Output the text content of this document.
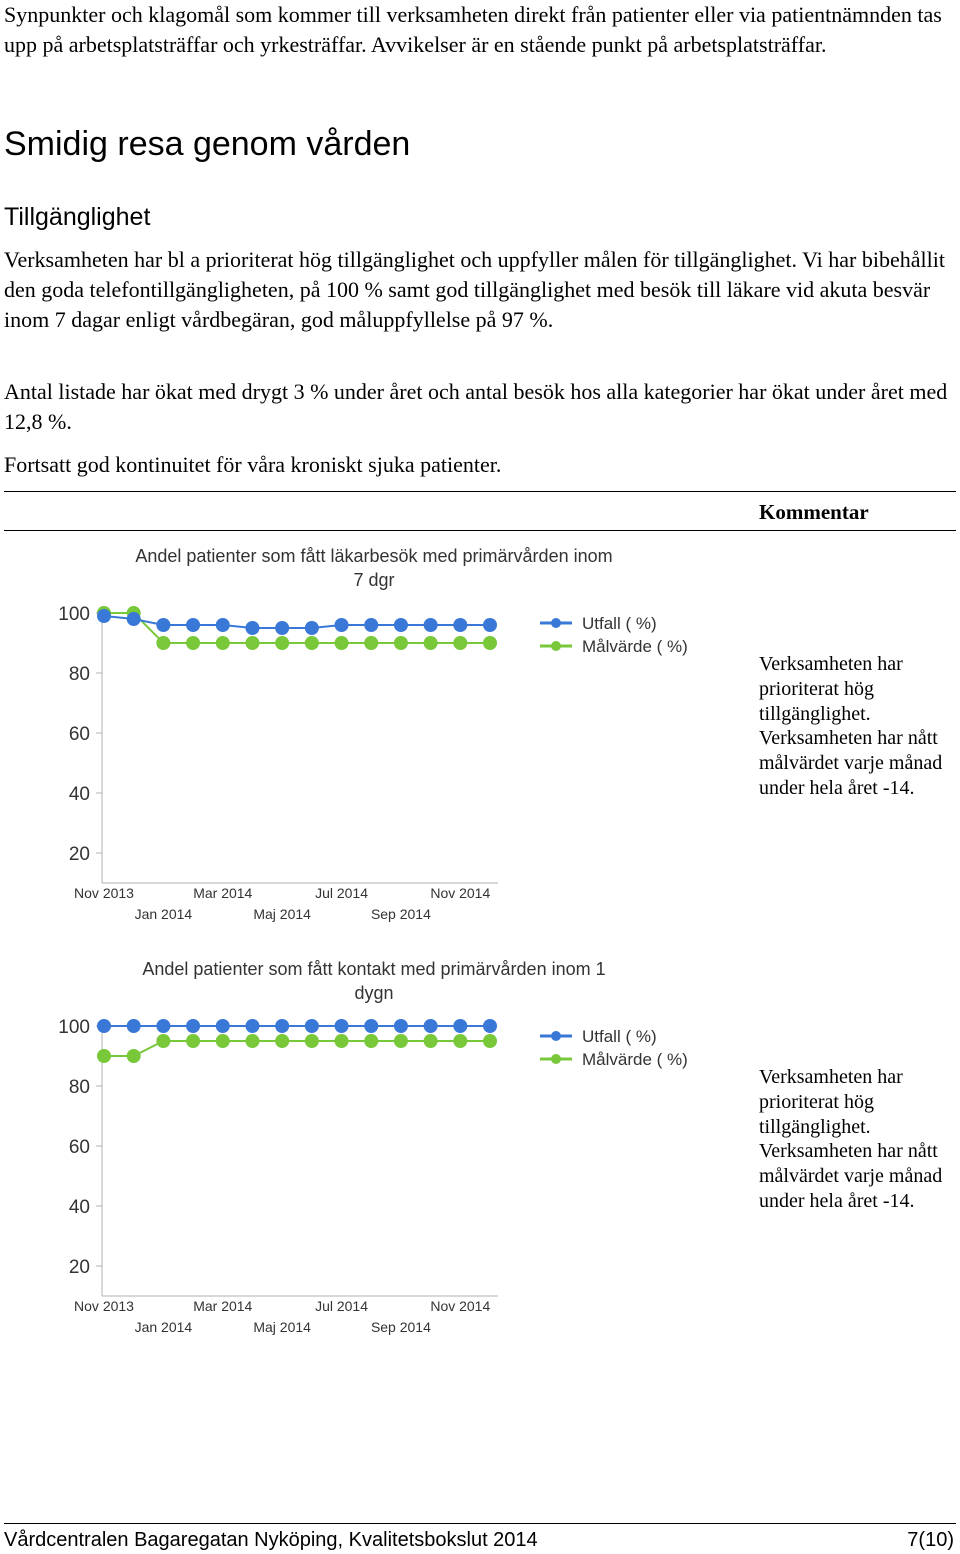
Synpunkter och klagomål som kommer till verksamheten direkt från patienter eller via patientnämnden tas upp på arbetsplatsträffar och yrkesträffar. Avvikelser är en stående punkt på arbetsplatsträffar.

Smidig resa genom vården
Tillgänglighet

Verksamheten har bl a prioriterat hög tillgänglighet och uppfyller målen för tillgänglighet. Vi har bibehållit den goda telefontillgängligheten, på 100 % samt god tillgänglighet med besök till läkare vid akuta besvär inom 7 dagar enligt vårdbegäran, god måluppfyllelse på 97 %.

Antal listade har ökat med drygt 3 % under året och antal besök hos alla kategorier har ökat under året med 12,8 %.

Fortsatt god kontinuitet för våra kroniskt sjuka patienter.

Kommentar
Andel patienter som fått läkarbesök med primärvården inom
7 dgr
20
40
60
80
100
Nov 2013	Mar 2014	Jul 2014	Nov 2014
Jan 2014	Maj 2014	Sep 2014
Utfall ( %)
Målvärde ( %)

Verksamheten har prioriterat hög tillgänglighet. Verksamheten har nått målvärdet varje månad under hela året -14.

Andel patienter som fått kontakt med primärvården inom 1
dygn
20
40
60
80
100
Nov 2013	Mar 2014	Jul 2014	Nov 2014
Jan 2014	Maj 2014	Sep 2014
Utfall ( %)
Målvärde ( %)

Verksamheten har prioriterat hög tillgänglighet. Verksamheten har nått målvärdet varje månad under hela året -14.

Vårdcentralen Bagaregatan Nyköping, Kvalitetsbokslut 2014	7(10)
